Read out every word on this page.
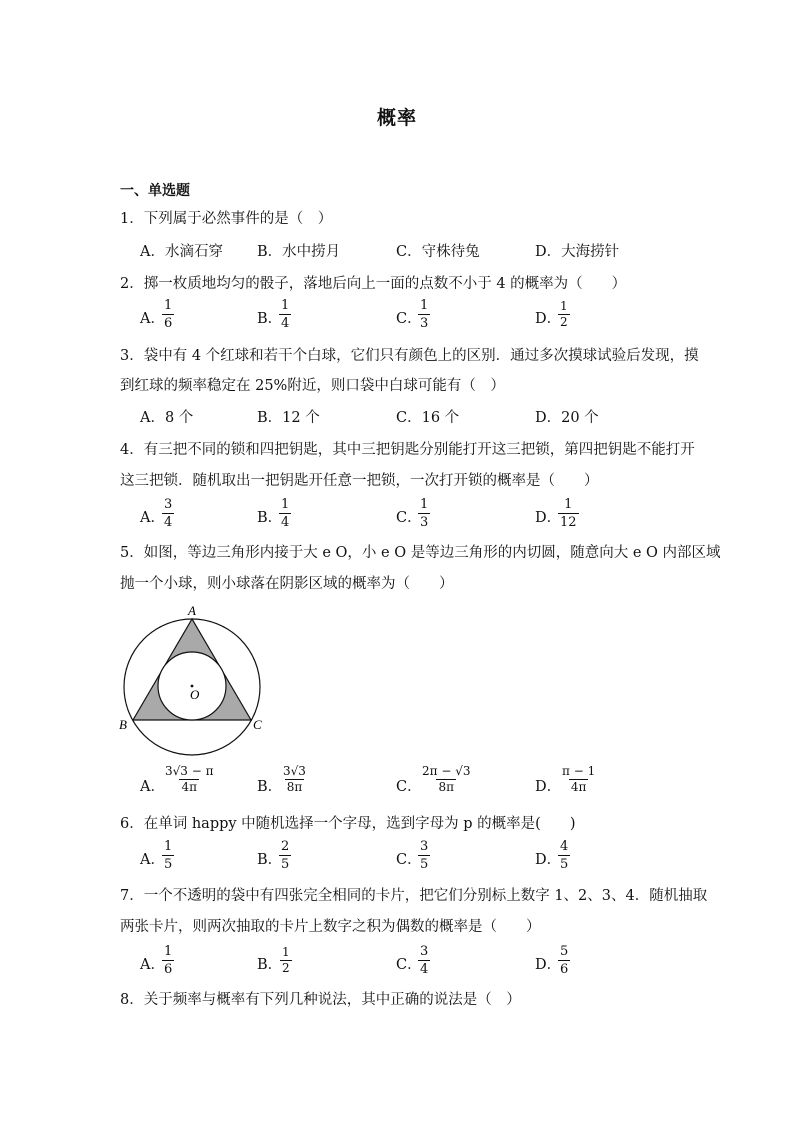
概率
一、单选题
1．下列属于必然事件的是（　）
A．水滴石穿 B．水中捞月	C．守株待兔	D．大海捞针
2．掷一枚质地均匀的骰子，落地后向上一面的点数不小于 4 的概率为（　　）
A．
$\frac{1}{6}$	B．
$\frac{1}{4}$	C．
$\frac{1}{3}$	D．
$\frac{1}{2}$
3．袋中有 4 个红球和若干个白球，它们只有颜色上的区别．通过多次摸球试验后发现，摸
到红球的频率稳定在 25%附近，则口袋中白球可能有（　）
A．8 个	B．12 个	C．16 个	D．20 个
4．有三把不同的锁和四把钥匙，其中三把钥匙分别能打开这三把锁，第四把钥匙不能打开
这三把锁．随机取出一把钥匙开任意一把锁，一次打开锁的概率是（　　）
A．
$\frac{3}{4}$	B．
$\frac{1}{4}$	C．
$\frac{1}{3}$	D．
$\frac{1}{12}$
5．如图，等边三角形内接于大 e O，小 e O 是等边三角形的内切圆，随意向大 e O 内部区域
抛一个小球，则小球落在阴影区域的概率为（　　）
A
B	C
O
A．
$\frac{3√3 - \pi}{4\pi}$	B．
$\frac{3√3}{8\pi}$	C．
$\frac{2\pi - √3}{8\pi}$	D．
$\frac{\pi - 1}{4\pi}$
6．在单词 happy 中随机选择一个字母，选到字母为 p 的概率是(　　)
A．
$\frac{1}{5}$	B．
$\frac{2}{5}$	C．
$\frac{3}{5}$	D．
$\frac{4}{5}$
7．一个不透明的袋中有四张完全相同的卡片，把它们分别标上数字 1、2、3、4．随机抽取
两张卡片，则两次抽取的卡片上数字之积为偶数的概率是（　　）
A．
$\frac{1}{6}$	B．
$\frac{1}{2}$	C．
$\frac{3}{4}$	D．
$\frac{5}{6}$
8．关于频率与概率有下列几种说法，其中正确的说法是（　）
